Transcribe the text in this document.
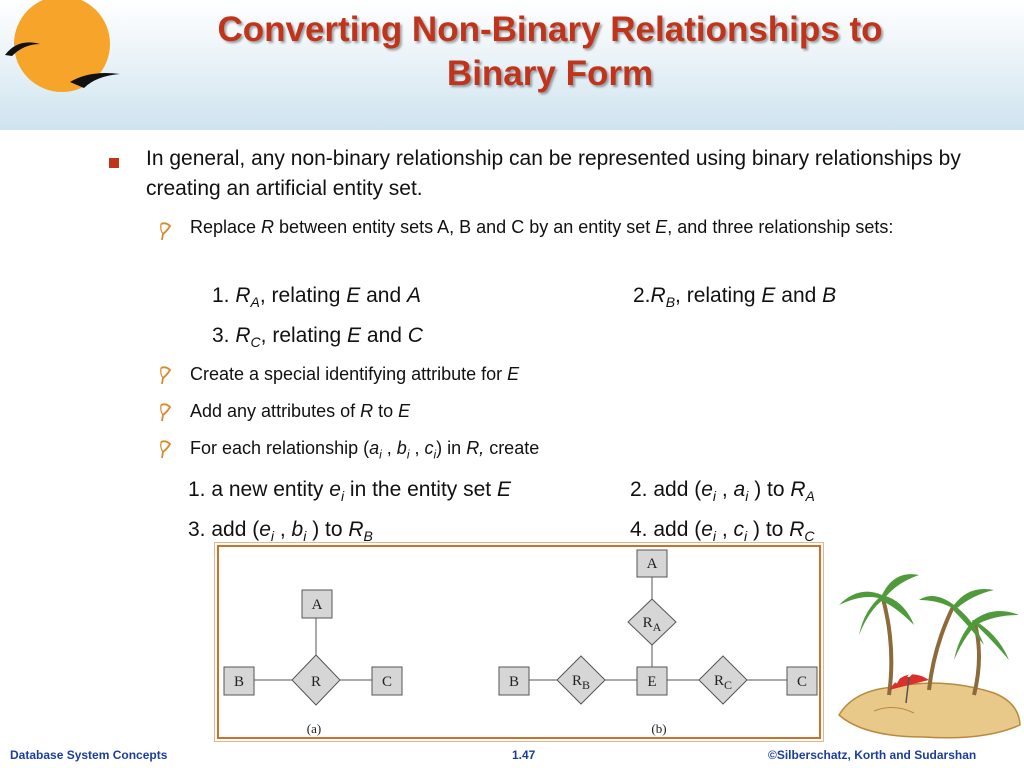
Converting Non-Binary Relationships to
Binary Form
In general, any non-binary relationship can be represented using binary relationships by creating an artificial entity set.
Replace R between entity sets A, B and C by an entity set E, and three relationship sets:
1. $R_A$, relating E and A	$2.R_B$, relating E and B
3. $R_C$, relating E and C
Create a special identifying attribute for E
Add any attributes of R to E
For each relationship ($a_i$ , $b_i$ , $c_i$) in R, create
1. a new entity $e_i$ in the entity set E	2. add ($e_i$ , $a_i$ ) to $R_A$
3. add ($e_i$ , $b_i$ ) to $R_B$	4. add ($e_i$ , $c_i$ ) to $R_C$
A
B	C
R
(a)
A
B	E	C
$R_A$
$R_B$	$R_C$
(b)
Database System Concepts	1.47	©Silberschatz, Korth and Sudarshan
